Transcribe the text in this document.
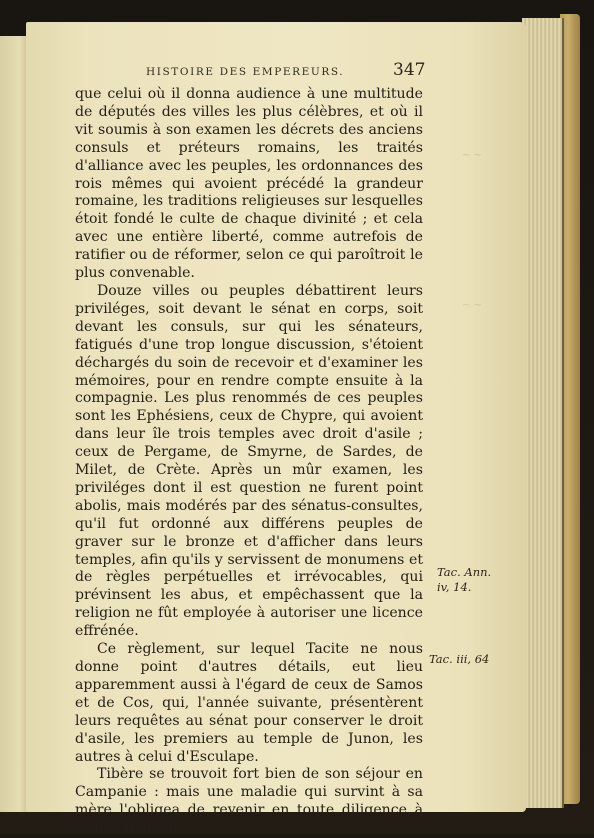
HISTOIRE DES EMPEREURS.	347

que celui où il donna audience à une multitude de députés des villes les plus célèbres, et où il vit soumis à son examen les décrets des anciens consuls et préteurs romains, les traités d'alliance avec les peuples, les ordonnances des rois mêmes qui avoient précédé la grandeur romaine, les traditions religieuses sur lesquelles étoit fondé le culte de chaque divinité ; et cela avec une entière liberté, comme autrefois de ratifier ou de réformer, selon ce qui paroîtroit le plus convenable.

Douze villes ou peuples débattirent leurs priviléges, soit devant le sénat en corps, soit devant les consuls, sur qui les sénateurs, fatigués d'une trop longue discussion, s'étoient déchargés du soin de recevoir et d'examiner les mémoires, pour en rendre compte ensuite à la compagnie. Les plus renommés de ces peuples sont les Ephésiens, ceux de Chypre, qui avoient dans leur île trois temples avec droit d'asile ; ceux de Pergame, de Smyrne, de Sardes, de Milet, de Crète. Après un mûr examen, les priviléges dont il est question ne furent point abolis, mais modérés par des sénatus-consultes, qu'il fut ordonné aux différens peuples de graver sur le bronze et d'afficher dans leurs temples, afin qu'ils y servissent de monumens et de règles perpétuelles et irrévocables, qui prévinsent les abus, et empêchassent que la religion ne fût employée à autoriser une licence effrénée.

Ce règlement, sur lequel Tacite ne nous donne point d'autres détails, eut lieu apparemment aussi à l'égard de ceux de Samos et de Cos, qui, l'année suivante, présentèrent leurs requêtes au sénat pour conserver le droit d'asile, les premiers au temple de Junon, les autres à celui d'Esculape.

Tibère se trouvoit fort bien de son séjour en Campanie : mais une maladie qui survint à sa mère l'obligea de revenir en toute diligence à Rome. Il vivoit

~ ~
~ ~
Tac. Ann.
iv, 14.
Tac. iii, 64
